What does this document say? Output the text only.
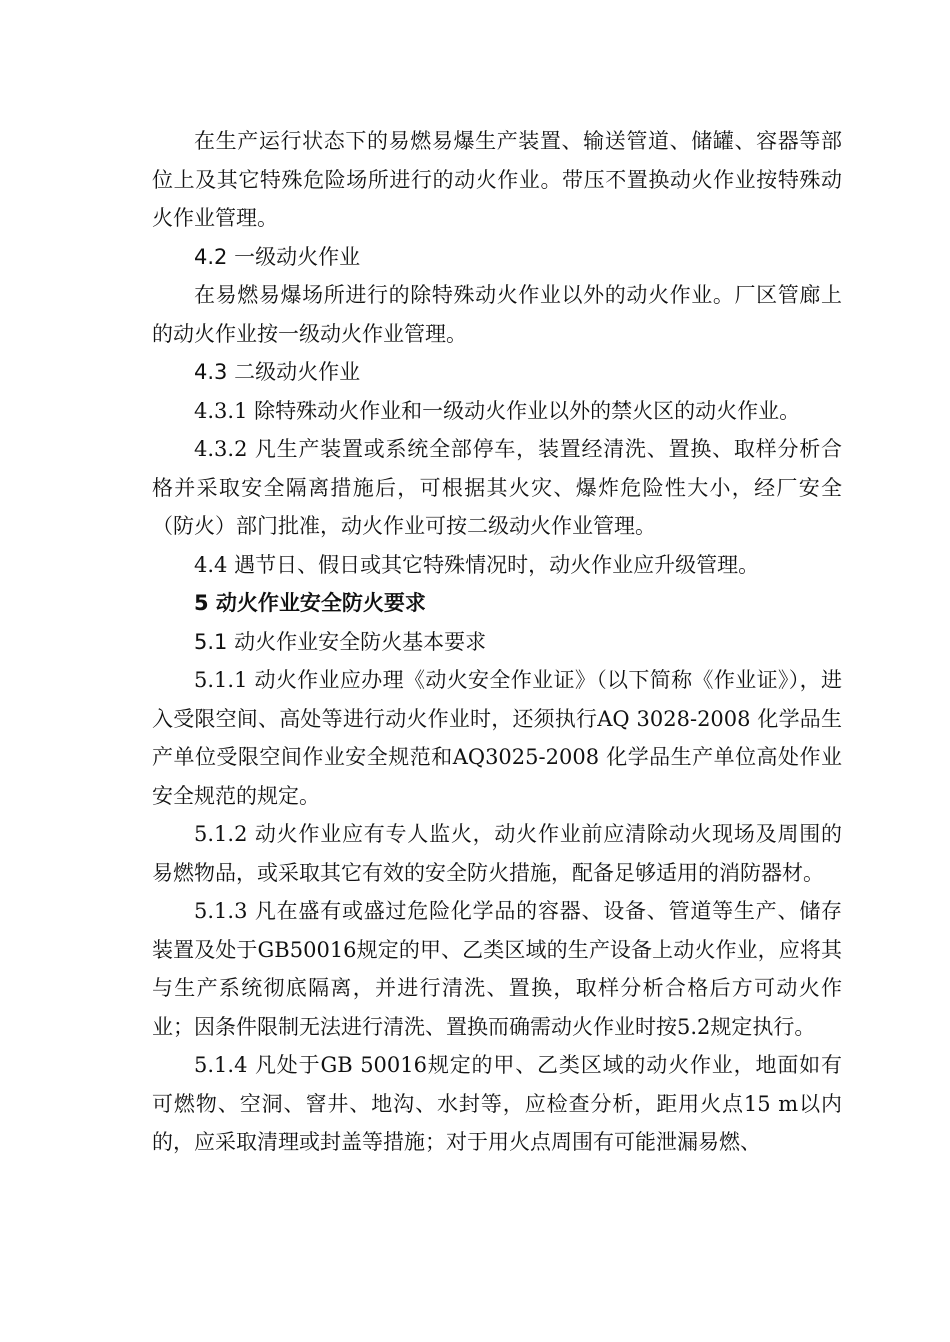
在生产运行状态下的易燃易爆生产装置、输送管道、储罐、容器等部位上及其它特殊危险场所进行的动火作业。带压不置换动火作业按特殊动火作业管理。

4.2 一级动火作业

在易燃易爆场所进行的除特殊动火作业以外的动火作业。厂区管廊上的动火作业按一级动火作业管理。

4.3 二级动火作业

4.3.1 除特殊动火作业和一级动火作业以外的禁火区的动火作业。

4.3.2 凡生产装置或系统全部停车，装置经清洗、置换、取样分析合格并采取安全隔离措施后，可根据其火灾、爆炸危险性大小，经厂安全（防火）部门批准，动火作业可按二级动火作业管理。

4.4 遇节日、假日或其它特殊情况时，动火作业应升级管理。

5 动火作业安全防火要求

5.1 动火作业安全防火基本要求

5.1.1 动火作业应办理《动火安全作业证》（以下简称《作业证》），进入受限空间、高处等进行动火作业时，还须执行AQ 3028-2008 化学品生产单位受限空间作业安全规范和AQ3025-2008 化学品生产单位高处作业安全规范的规定。

5.1.2 动火作业应有专人监火，动火作业前应清除动火现场及周围的易燃物品，或采取其它有效的安全防火措施，配备足够适用的消防器材。

5.1.3 凡在盛有或盛过危险化学品的容器、设备、管道等生产、储存装置及处于GB50016规定的甲、乙类区域的生产设备上动火作业，应将其与生产系统彻底隔离，并进行清洗、置换，取样分析合格后方可动火作业；因条件限制无法进行清洗、置换而确需动火作业时按5.2规定执行。

5.1.4 凡处于GB 50016规定的甲、乙类区域的动火作业，地面如有可燃物、空洞、窨井、地沟、水封等，应检查分析，距用火点15 m以内的，应采取清理或封盖等措施；对于用火点周围有可能泄漏易燃、
